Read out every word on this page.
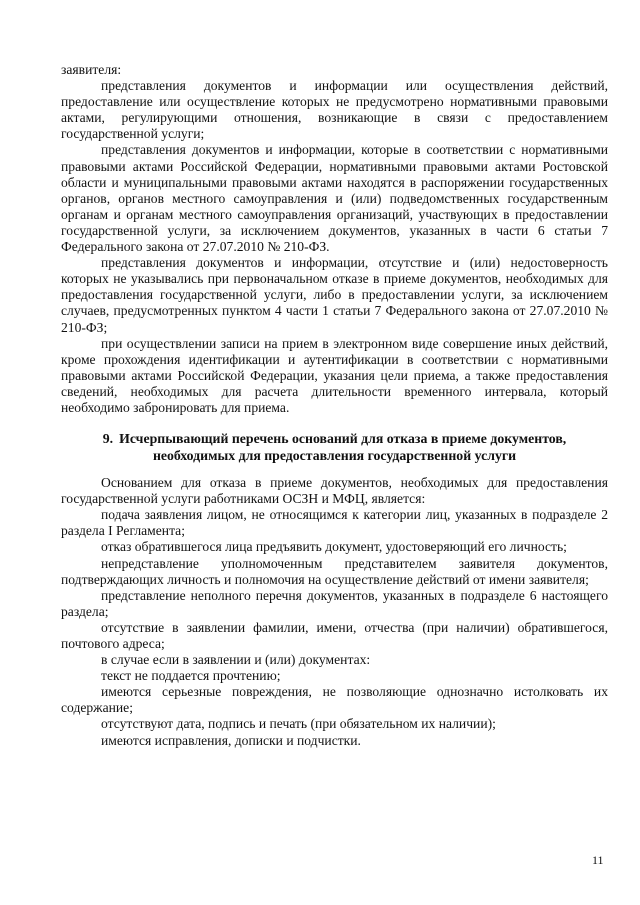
заявителя:

представления документов и информации или осуществления действий, предоставление или осуществление которых не предусмотрено нормативными правовыми актами, регулирующими отношения, возникающие в связи с предоставлением государственной услуги;

представления документов и информации, которые в соответствии с нормативными правовыми актами Российской Федерации, нормативными правовыми актами Ростовской области и муниципальными правовыми актами находятся в распоряжении государственных органов, органов местного самоуправления и (или) подведомственных государственным органам и органам местного самоуправления организаций, участвующих в предоставлении государственной услуги, за исключением документов, указанных в части 6 статьи 7 Федерального закона от 27.07.2010 № 210-ФЗ.

представления документов и информации, отсутствие и (или) недостоверность которых не указывались при первоначальном отказе в приеме документов, необходимых для предоставления государственной услуги, либо в предоставлении услуги, за исключением случаев, предусмотренных пунктом 4 части 1 статьи 7 Федерального закона от 27.07.2010 № 210-ФЗ;

при осуществлении записи на прием в электронном виде совершение иных действий, кроме прохождения идентификации и аутентификации в соответствии с нормативными правовыми актами Российской Федерации, указания цели приема, а также предоставления сведений, необходимых для расчета длительности временного интервала, который необходимо забронировать для приема.

9. Исчерпывающий перечень оснований для отказа в приеме документов,
необходимых для предоставления государственной услуги

Основанием для отказа в приеме документов, необходимых для предоставления государственной услуги работниками ОСЗН и МФЦ, является:

подача заявления лицом, не относящимся к категории лиц, указанных в подразделе 2 раздела I Регламента;

отказ обратившегося лица предъявить документ, удостоверяющий его личность;

непредставление уполномоченным представителем заявителя документов, подтверждающих личность и полномочия на осуществление действий от имени заявителя;

представление неполного перечня документов, указанных в подразделе 6 настоящего раздела;

отсутствие в заявлении фамилии, имени, отчества (при наличии) обратившегося, почтового адреса;

в случае если в заявлении и (или) документах:

текст не поддается прочтению;

имеются серьезные повреждения, не позволяющие однозначно истолковать их содержание;

отсутствуют дата, подпись и печать (при обязательном их наличии);

имеются исправления, дописки и подчистки.

11
